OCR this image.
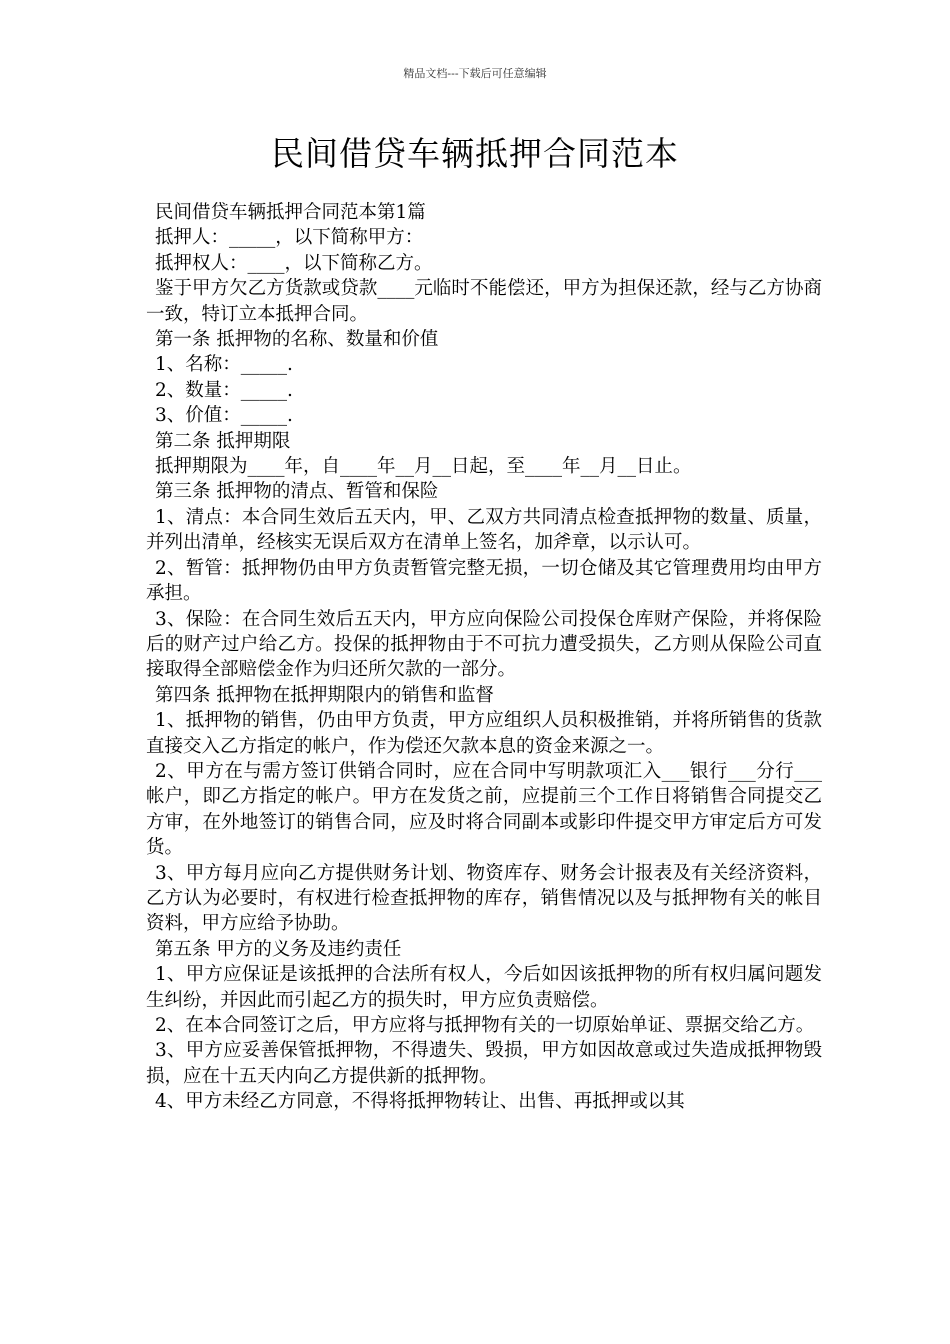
精品文档---下载后可任意编辑
民间借贷车辆抵押合同范本

民间借贷车辆抵押合同范本第1篇

抵押人：_____，以下简称甲方：

抵押权人：____，以下简称乙方。

鉴于甲方欠乙方货款或贷款____元临时不能偿还，甲方为担保还款，经与乙方协商一致，特订立本抵押合同。

第一条 抵押物的名称、数量和价值

1、名称：_____.

2、数量：_____.

3、价值：_____.

第二条 抵押期限

抵押期限为____年，自____年__月__日起，至____年__月__日止。

第三条 抵押物的清点、暂管和保险

1、清点：本合同生效后五天内，甲、乙双方共同清点检查抵押物的数量、质量，并列出清单，经核实无误后双方在清单上签名，加斧章，以示认可。

2、暂管：抵押物仍由甲方负责暂管完整无损，一切仓储及其它管理费用均由甲方承担。

3、保险：在合同生效后五天内，甲方应向保险公司投保仓库财产保险，并将保险后的财产过户给乙方。投保的抵押物由于不可抗力遭受损失，乙方则从保险公司直接取得全部赔偿金作为归还所欠款的一部分。

第四条 抵押物在抵押期限内的销售和监督

1、抵押物的销售，仍由甲方负责，甲方应组织人员积极推销，并将所销售的货款直接交入乙方指定的帐户，作为偿还欠款本息的资金来源之一。

2、甲方在与需方签订供销合同时，应在合同中写明款项汇入___银行___分行___帐户，即乙方指定的帐户。甲方在发货之前，应提前三个工作日将销售合同提交乙方审，在外地签订的销售合同，应及时将合同副本或影印件提交甲方审定后方可发货。

3、甲方每月应向乙方提供财务计划、物资库存、财务会计报表及有关经济资料，乙方认为必要时，有权进行检查抵押物的库存，销售情况以及与抵押物有关的帐目资料，甲方应给予协助。

第五条 甲方的义务及违约责任

1、甲方应保证是该抵押的合法所有权人，今后如因该抵押物的所有权归属问题发生纠纷，并因此而引起乙方的损失时，甲方应负责赔偿。

2、在本合同签订之后，甲方应将与抵押物有关的一切原始单证、票据交给乙方。

3、甲方应妥善保管抵押物，不得遗失、毁损，甲方如因故意或过失造成抵押物毁损，应在十五天内向乙方提供新的抵押物。

4、甲方未经乙方同意，不得将抵押物转让、出售、再抵押或以其
